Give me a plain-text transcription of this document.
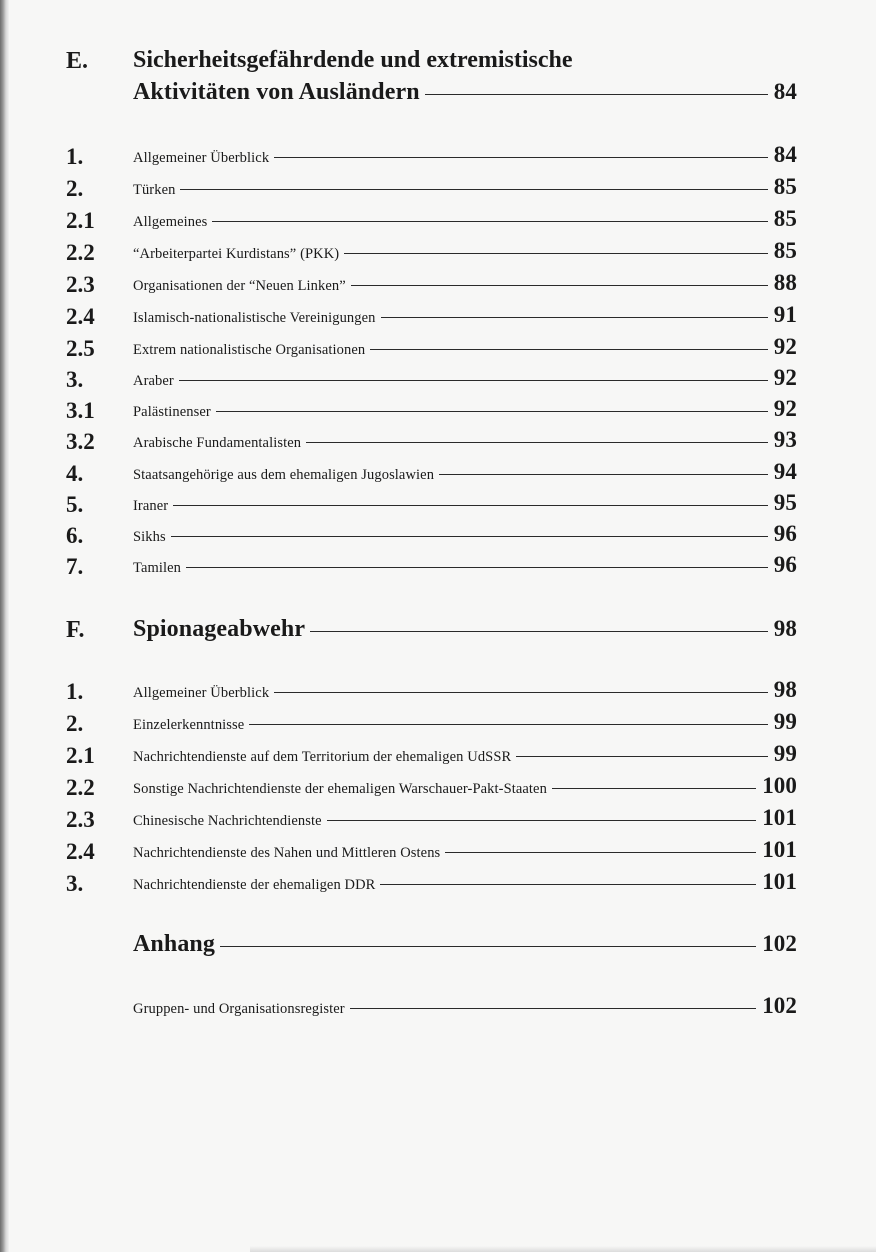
E. Sicherheitsgefährdende und extremistische
Aktivitäten von Ausländern	84
1.	Allgemeiner Überblick	84
2.	Türken	85
2.1	Allgemeines	85
2.2	“Arbeiterpartei Kurdistans” (PKK)	85
2.3	Organisationen der “Neuen Linken”	88
2.4	Islamisch-nationalistische Vereinigungen	91
2.5	Extrem nationalistische Organisationen	92
3.	Araber	92
3.1	Palästinenser	92
3.2	Arabische Fundamentalisten	93
4.	Staatsangehörige aus dem ehemaligen Jugoslawien	94
5.	Iraner	95
6.	Sikhs	96
7.	Tamilen	96
F. Spionageabwehr	98
1.	Allgemeiner Überblick	98
2.	Einzelerkenntnisse	99
2.1	Nachrichtendienste auf dem Territorium der ehemaligen UdSSR	99
2.2	Sonstige Nachrichtendienste der ehemaligen Warschauer-Pakt-Staaten	100
2.3	Chinesische Nachrichtendienste	101
2.4	Nachrichtendienste des Nahen und Mittleren Ostens	101
3.	Nachrichtendienste der ehemaligen DDR	101
Anhang	102
Gruppen- und Organisationsregister	102
